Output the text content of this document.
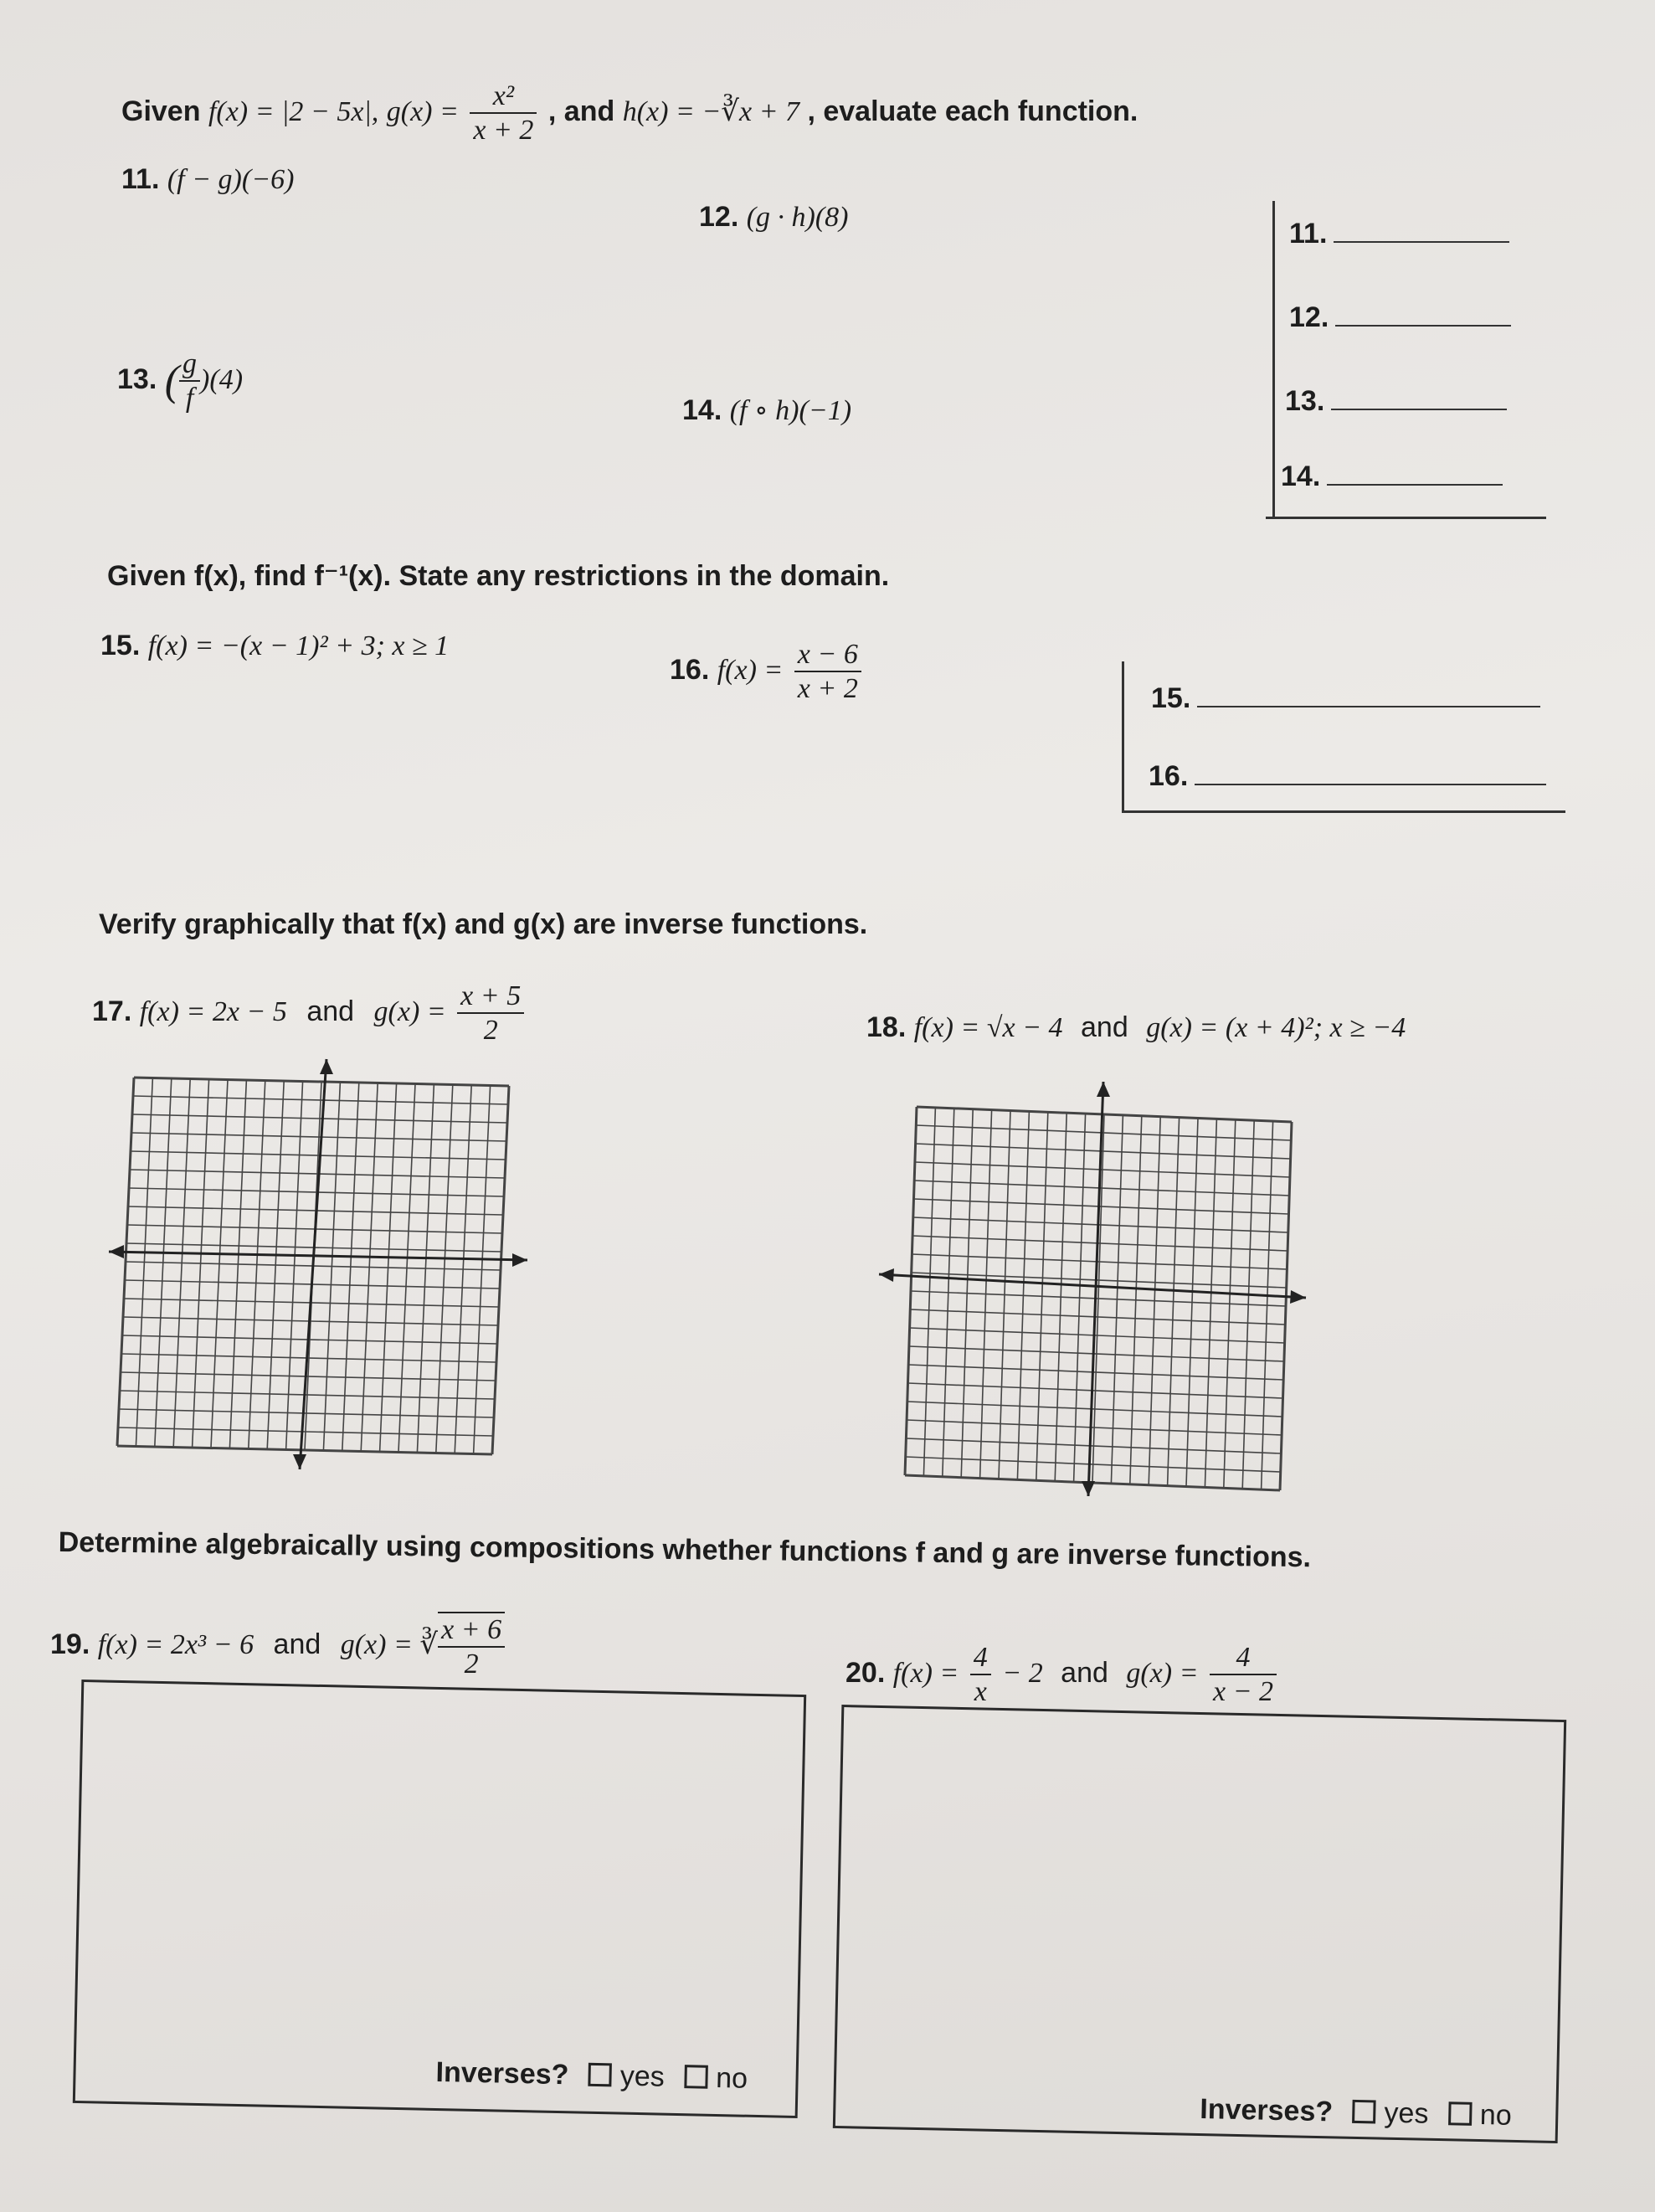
Given f(x) = |2 − 5x|, $g(x) = \frac{\text{x²}}{x + 2}$ , and h(x) = −∛x + 7 , evaluate each function.
11. (f − g)(−6)
12. (g · h)(8)
13. ( $\frac{g}{f} )(4)$
14. (f ∘ h)(−1)
11.
12.
13.
14.
Given f(x), find f⁻¹(x). State any restrictions in the domain.
15. f(x) = −(x − 1)² + 3; x ≥ 1
16. $f(x) = \frac{x - 6}{x + 2}$	15.
16.
Verify graphically that f(x) and g(x) are inverse functions.
17. f(x) = 2x − 5 and $g(x) = \frac{x + 5}{2}$	18. f(x) = √x − 4 and g(x) = (x + 4)²; x ≥ −4
Determine algebraically using compositions whether functions f and g are inverse functions.
19. f(x) = 2x³ − 6 and g(x) = ∛ $\frac{x + 6}{2}$	20. $f(x) = \frac{4}{x} - 2$ and $g(x) = \frac{4}{x - 2}$
Inverses? yes no
Inverses? yes no
